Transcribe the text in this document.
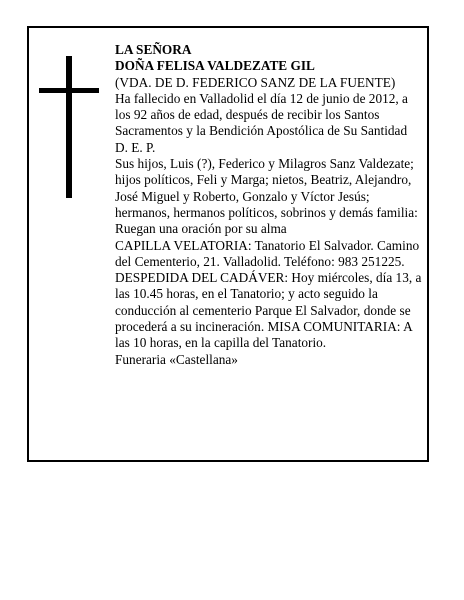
LA SEÑORA

DOÑA FELISA VALDEZATE GIL

(VDA. DE D. FEDERICO SANZ DE LA FUENTE)

Ha fallecido en Valladolid el día 12 de junio de 2012, a los 92 años de edad, después de recibir los Santos Sacramentos y la Bendición Apostólica de Su Santidad

D. E. P.

Sus hijos, Luis (?), Federico y Milagros Sanz Valdezate; hijos políticos, Feli y Marga; nietos, Beatriz, Alejandro, José Miguel y Roberto, Gonzalo y Víctor Jesús; hermanos, hermanos políticos, sobrinos y demás familia:

Ruegan una oración por su alma

CAPILLA VELATORIA: Tanatorio El Salvador. Camino del Cementerio, 21. Valladolid. Teléfono: 983 251225.

DESPEDIDA DEL CADÁVER: Hoy miércoles, día 13, a las 10.45 horas, en el Tanatorio; y acto seguido la conducción al cementerio Parque El Salvador, donde se procederá a su incineración. MISA COMUNITARIA: A las 10 horas, en la capilla del Tanatorio.

Funeraria «Castellana»
